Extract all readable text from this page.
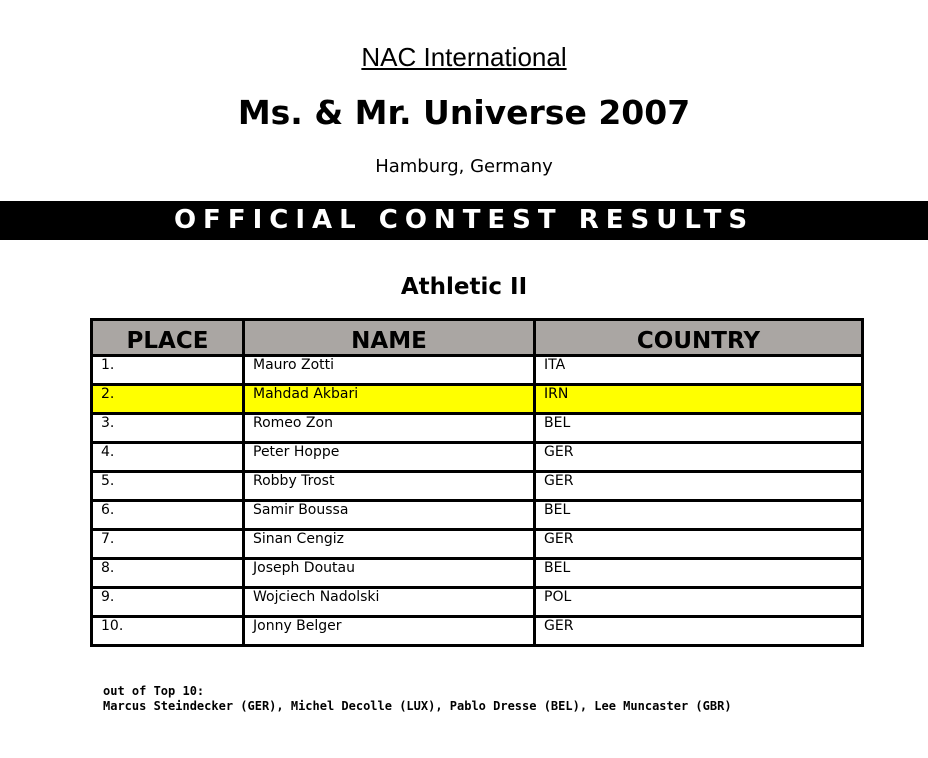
NAC International
Ms. & Mr. Universe 2007
Hamburg, Germany
OFFICIAL CONTEST RESULTS
Athletic II
PLACE	NAME	COUNTRY
1.	Mauro Zotti	ITA
2.	Mahdad Akbari	IRN
3.	Romeo Zon	BEL
4.	Peter Hoppe	GER
5.	Robby Trost	GER
6.	Samir Boussa	BEL
7.	Sinan Cengiz	GER
8.	Joseph Doutau	BEL
9.	Wojciech Nadolski	POL
10.	Jonny Belger	GER
out of Top 10:
Marcus Steindecker (GER), Michel Decolle (LUX), Pablo Dresse (BEL), Lee Muncaster (GBR)
